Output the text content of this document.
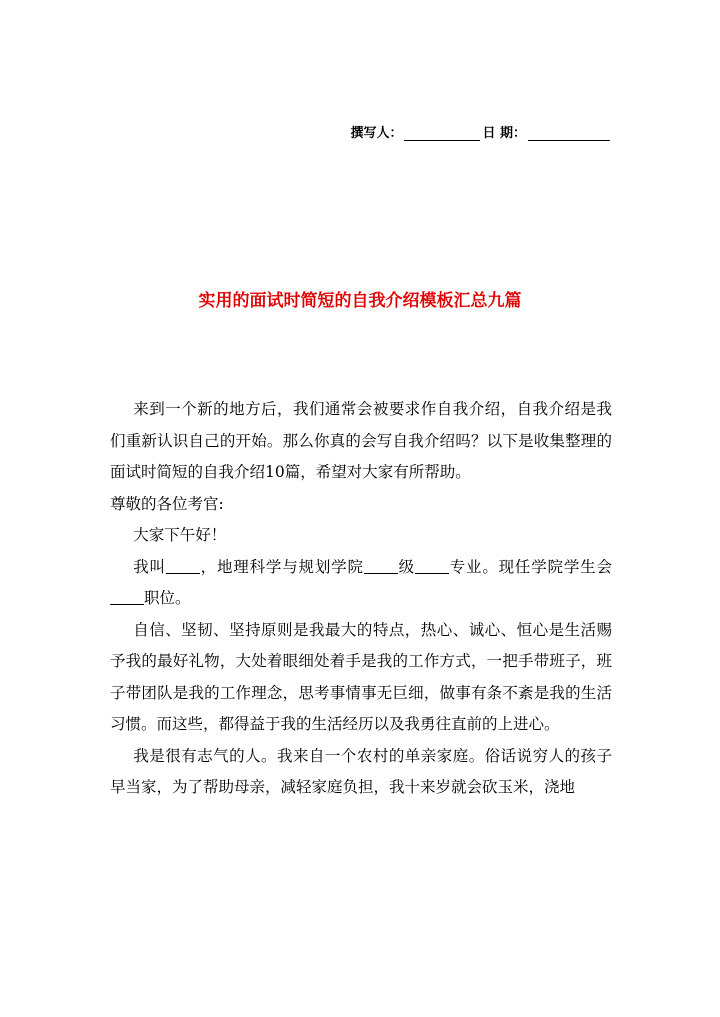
撰写人：	日 期：
实用的面试时简短的自我介绍模板汇总九篇

来到一个新的地方后，我们通常会被要求作自我介绍，自我介绍是我们重新认识自己的开始。那么你真的会写自我介绍吗？以下是收集整理的面试时简短的自我介绍10篇，希望对大家有所帮助。

尊敬的各位考官:

大家下午好！

我叫 ，地理科学与规划学院 级 专业。现任学院学生会职位。

自信、坚韧、坚持原则是我最大的特点，热心、诚心、恒心是生活赐予我的最好礼物，大处着眼细处着手是我的工作方式，一把手带班子，班子带团队是我的工作理念，思考事情事无巨细，做事有条不紊是我的生活习惯。而这些，都得益于我的生活经历以及我勇往直前的上进心。

我是很有志气的人。我来自一个农村的单亲家庭。俗话说穷人的孩子早当家，为了帮助母亲，减轻家庭负担，我十来岁就会砍玉米，浇地
